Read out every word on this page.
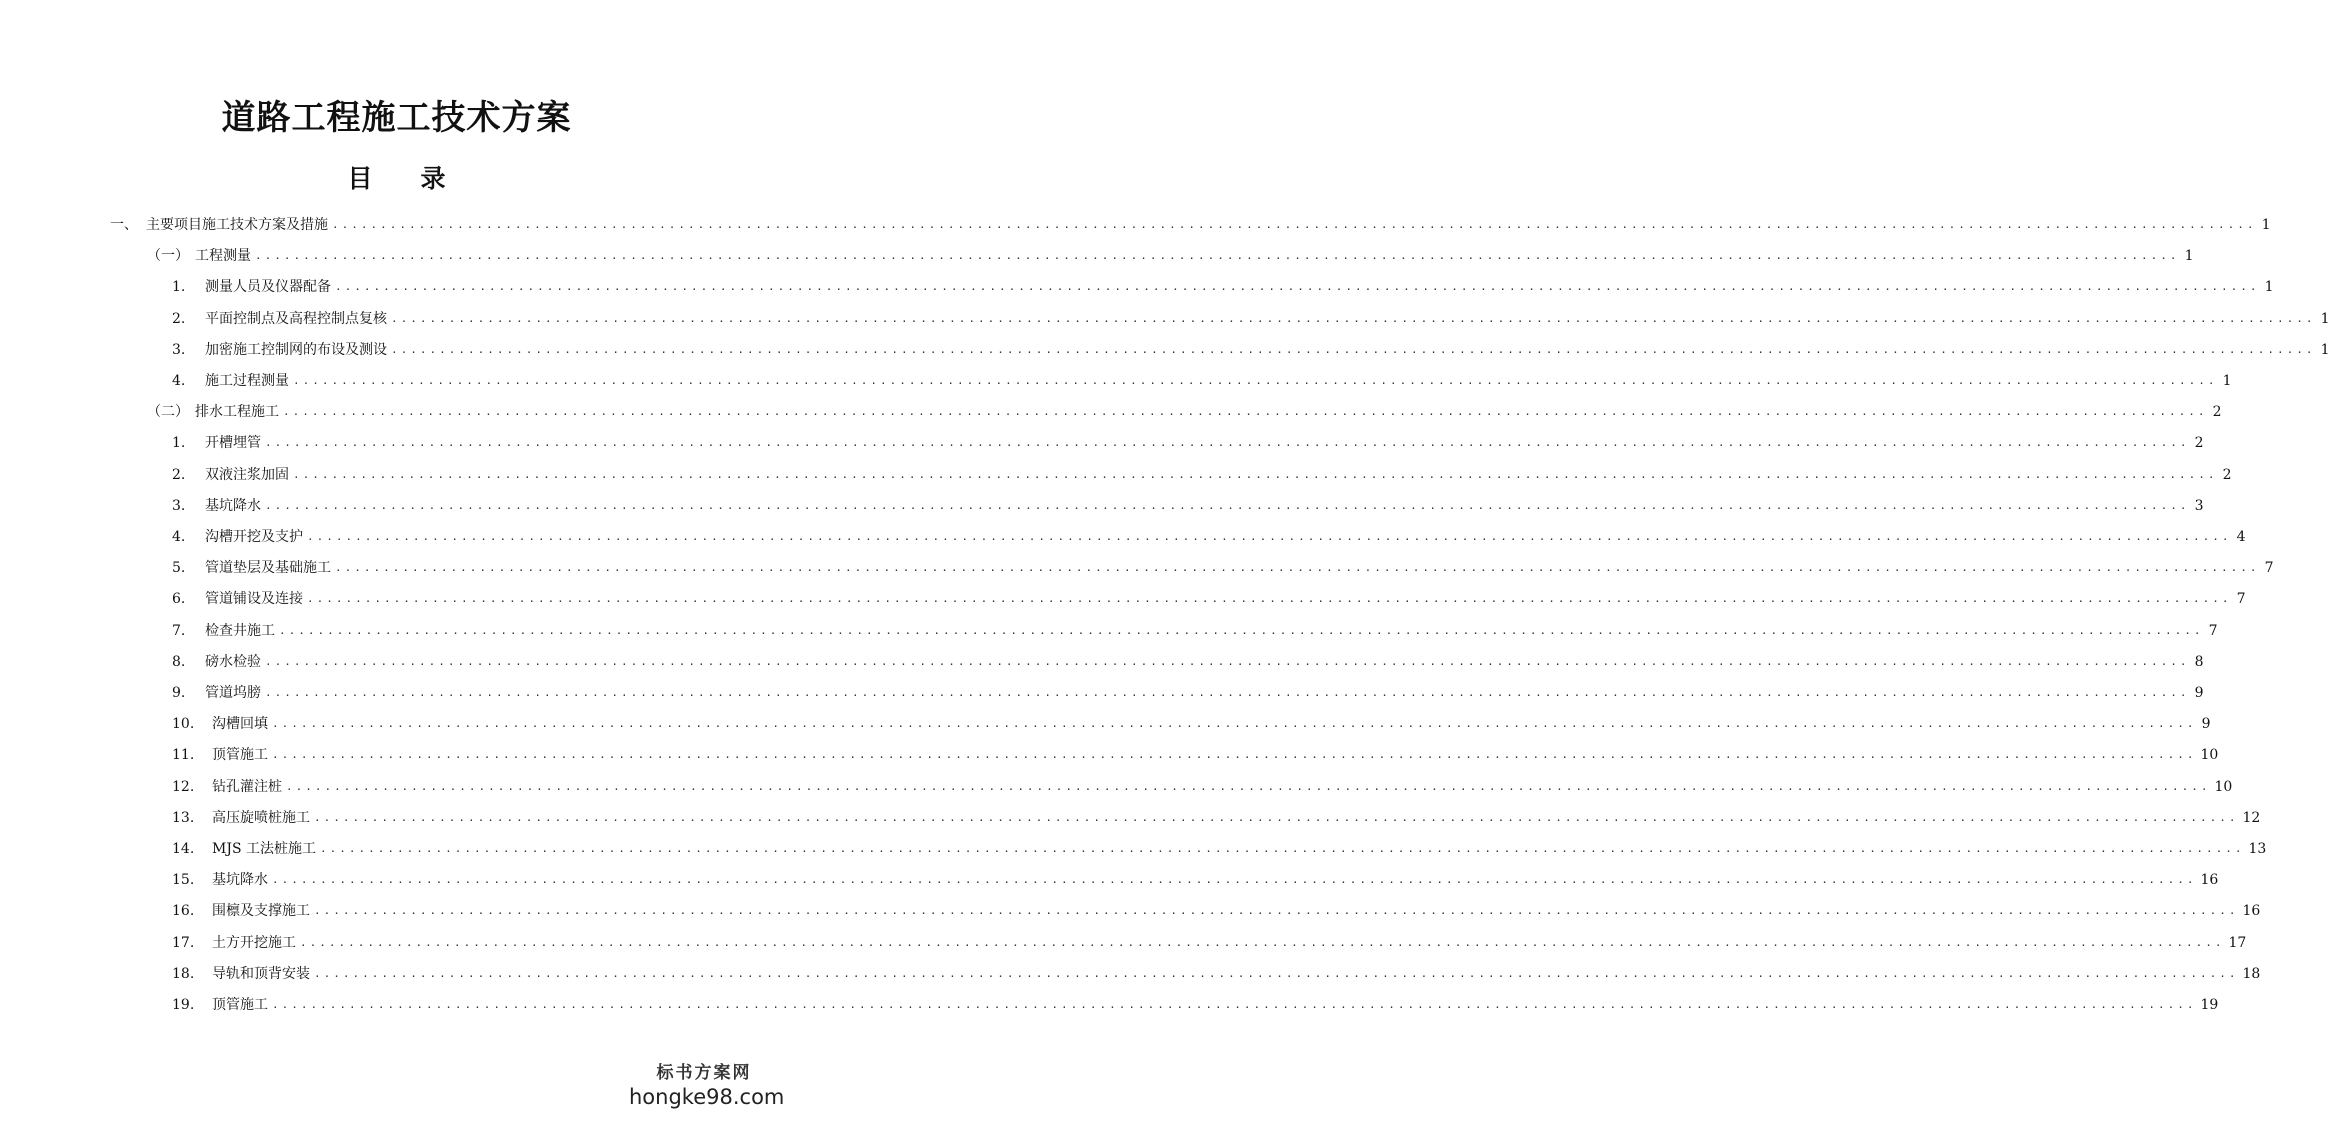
道路工程施工技术方案
目 录
一、 主要项目施工技术方案及措施 ........................................................................................................................................................................................................ 1
（一） 工程测量 ........................................................................................................................................................................................................ 1
1.	测量人员及仪器配备 ........................................................................................................................................................................................................ 1
2.	平面控制点及高程控制点复核 ........................................................................................................................................................................................................ 1
3.	加密施工控制网的布设及测设 ........................................................................................................................................................................................................ 1
4.	施工过程测量 ........................................................................................................................................................................................................ 1
（二） 排水工程施工 ........................................................................................................................................................................................................ 2
1.	开槽埋管 ........................................................................................................................................................................................................ 2
2.	双液注浆加固 ........................................................................................................................................................................................................ 2
3.	基坑降水 ........................................................................................................................................................................................................ 3
4.	沟槽开挖及支护 ........................................................................................................................................................................................................ 4
5.	管道垫层及基础施工 ........................................................................................................................................................................................................ 7
6.	管道铺设及连接 ........................................................................................................................................................................................................ 7
7.	检查井施工 ........................................................................................................................................................................................................ 7
8.	磅水检验 ........................................................................................................................................................................................................ 8
9.	管道坞膀 ........................................................................................................................................................................................................ 9
10.	沟槽回填 ........................................................................................................................................................................................................ 9
11.	顶管施工 ........................................................................................................................................................................................................ 10
12.	钻孔灌注桩 ........................................................................................................................................................................................................ 10
13.	高压旋喷桩施工 ........................................................................................................................................................................................................ 12
14.	MJS 工法桩施工 ........................................................................................................................................................................................................ 13
15.	基坑降水 ........................................................................................................................................................................................................ 16
16.	围檩及支撑施工 ........................................................................................................................................................................................................ 16
17.	土方开挖施工 ........................................................................................................................................................................................................ 17
18.	导轨和顶背安装 ........................................................................................................................................................................................................ 18
19.	顶管施工 ........................................................................................................................................................................................................ 19
标书方案网
hongke98.com
